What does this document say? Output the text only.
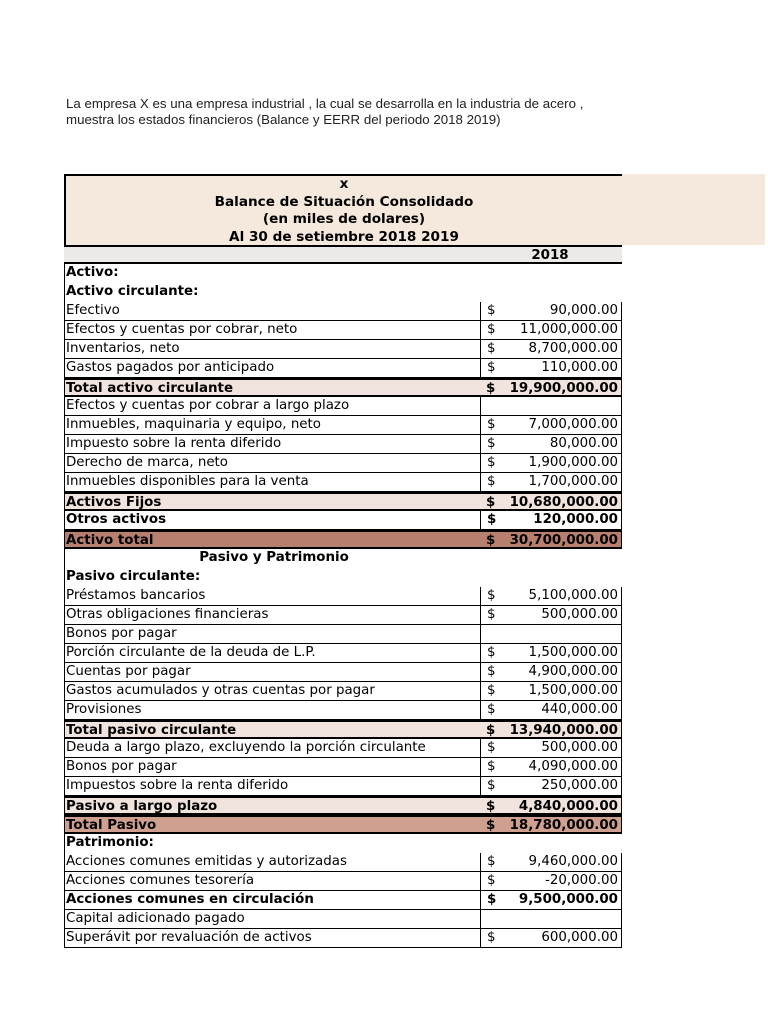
La empresa X es una empresa industrial , la cual se desarrolla en la industria de acero ,
muestra los estados financieros (Balance y EERR del periodo 2018 2019)
x
Balance de Situación Consolidado
(en miles de dolares)
Al 30 de setiembre 2018 2019
2018
Activo:
Activo circulante:
Efectivo	$	90,000.00
Efectos y cuentas por cobrar, neto	$	11,000,000.00
Inventarios, neto	$	8,700,000.00
Gastos pagados por anticipado	$	110,000.00
Total activo circulante	$	19,900,000.00
Efectos y cuentas por cobrar a largo plazo
Inmuebles, maquinaria y equipo, neto	$	7,000,000.00
Impuesto sobre la renta diferido	$	80,000.00
Derecho de marca, neto	$	1,900,000.00
Inmuebles disponibles para la venta	$	1,700,000.00
Activos Fijos	$	10,680,000.00
Otros activos	$	120,000.00
Activo total	$	30,700,000.00
Pasivo y Patrimonio
Pasivo circulante:
Préstamos bancarios	$	5,100,000.00
Otras obligaciones financieras	$	500,000.00
Bonos por pagar
Porción circulante de la deuda de L.P.	$	1,500,000.00
Cuentas por pagar	$	4,900,000.00
Gastos acumulados y otras cuentas por pagar	$	1,500,000.00
Provisiones	$	440,000.00
Total pasivo circulante	$	13,940,000.00
Deuda a largo plazo, excluyendo la porción circulante	$	500,000.00
Bonos por pagar	$	4,090,000.00
Impuestos sobre la renta diferido	$	250,000.00
Pasivo a largo plazo	$	4,840,000.00
Total Pasivo	$	18,780,000.00
Patrimonio:
Acciones comunes emitidas y autorizadas	$	9,460,000.00
Acciones comunes tesorería	$	-20,000.00
Acciones comunes en circulación	$	9,500,000.00
Capital adicionado pagado
Superávit por revaluación de activos	$	600,000.00
